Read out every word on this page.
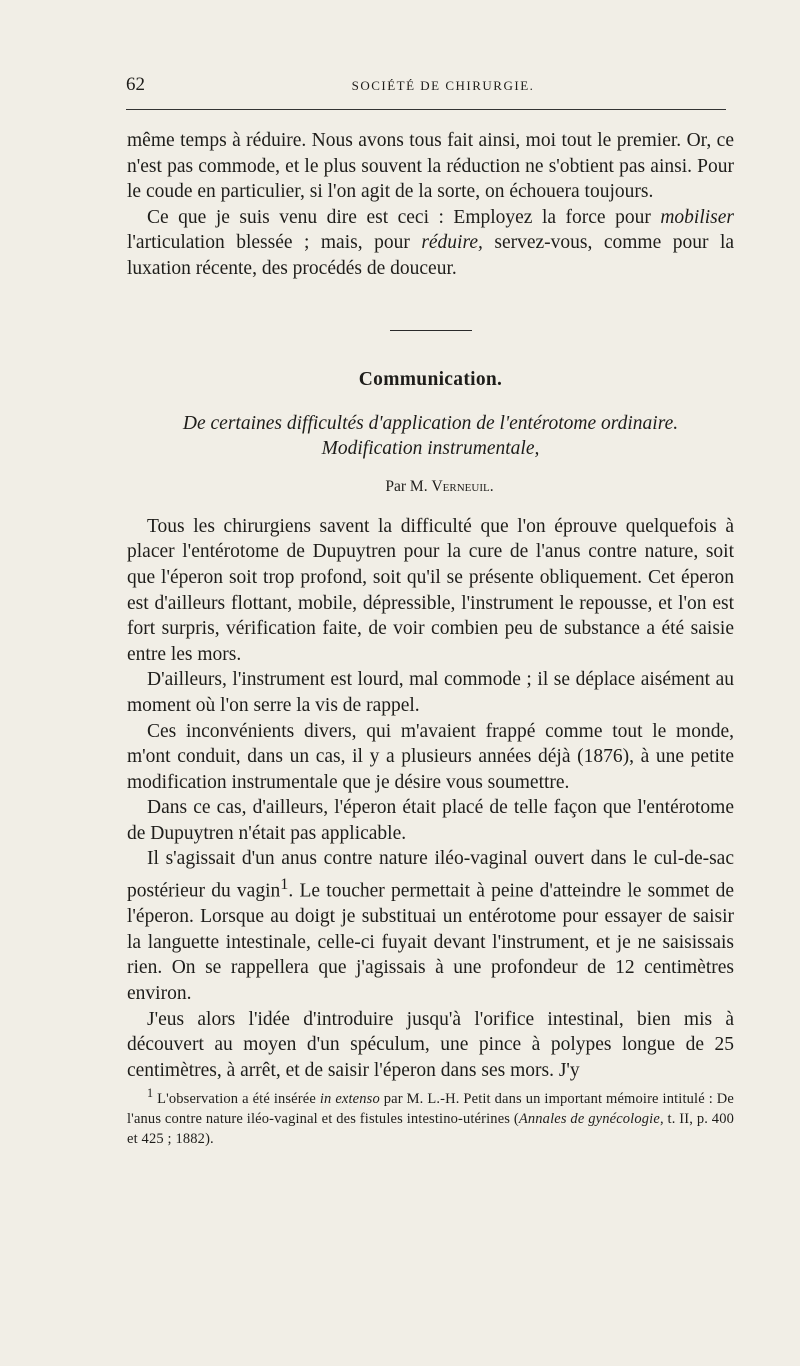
62	SOCIÉTÉ DE CHIRURGIE.

même temps à réduire. Nous avons tous fait ainsi, moi tout le premier. Or, ce n'est pas commode, et le plus souvent la réduction ne s'obtient pas ainsi. Pour le coude en particulier, si l'on agit de la sorte, on échouera toujours.

Ce que je suis venu dire est ceci : Employez la force pour mobiliser l'articulation blessée ; mais, pour réduire, servez-vous, comme pour la luxation récente, des procédés de douceur.

Communication.
De certaines difficultés d'application de l'entérotome ordinaire.
Modification instrumentale,
Par M. Verneuil.

Tous les chirurgiens savent la difficulté que l'on éprouve quelquefois à placer l'entérotome de Dupuytren pour la cure de l'anus contre nature, soit que l'éperon soit trop profond, soit qu'il se présente obliquement. Cet éperon est d'ailleurs flottant, mobile, dépressible, l'instrument le repousse, et l'on est fort surpris, vérification faite, de voir combien peu de substance a été saisie entre les mors.

D'ailleurs, l'instrument est lourd, mal commode ; il se déplace aisément au moment où l'on serre la vis de rappel.

Ces inconvénients divers, qui m'avaient frappé comme tout le monde, m'ont conduit, dans un cas, il y a plusieurs années déjà (1876), à une petite modification instrumentale que je désire vous soumettre.

Dans ce cas, d'ailleurs, l'éperon était placé de telle façon que l'entérotome de Dupuytren n'était pas applicable.

Il s'agissait d'un anus contre nature iléo-vaginal ouvert dans le cul-de-sac postérieur du vagin$^1$. Le toucher permettait à peine d'atteindre le sommet de l'éperon. Lorsque au doigt je substituai un entérotome pour essayer de saisir la languette intestinale, celle-ci fuyait devant l'instrument, et je ne saisissais rien. On se rappellera que j'agissais à une profondeur de 12 centimètres environ.

J'eus alors l'idée d'introduire jusqu'à l'orifice intestinal, bien mis à découvert au moyen d'un spéculum, une pince à polypes longue de 25 centimètres, à arrêt, et de saisir l'éperon dans ses mors. J'y

$^1$ L'observation a été insérée in extenso par M. L.-H. Petit dans un important mémoire intitulé : De l'anus contre nature iléo-vaginal et des fistules intestino-utérines (Annales de gynécologie, t. II, p. 400 et 425 ; 1882).
